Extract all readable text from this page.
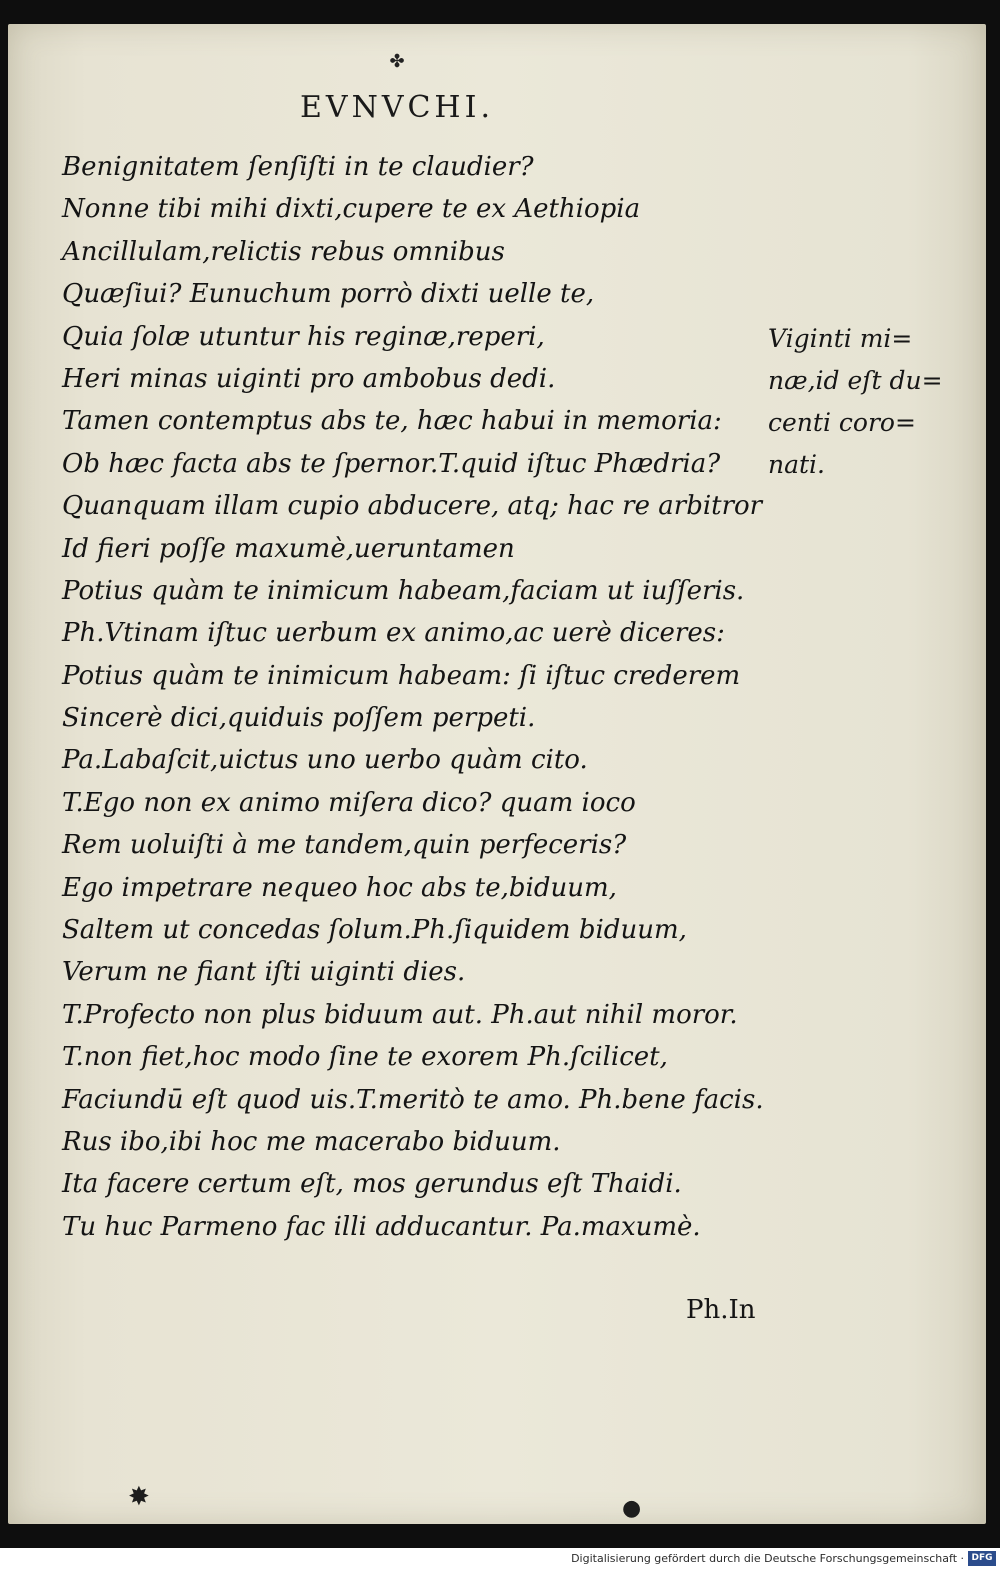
✤
EVNVCHI.
Benignitatem ſenſiſti in te claudier?
Nonne tibi mihi dixti,cupere te ex Aethiopia
Ancillulam,relictis rebus omnibus
Quæſiui? Eunuchum porrò dixti uelle te,
Quia ſolæ utuntur his reginæ,reperi,
Heri minas uiginti pro ambobus dedi.
Tamen contemptus abs te, hæc habui in memoria:
Ob hæc facta abs te ſpernor.T.quid iſtuc Phædria?
Quanquam illam cupio abducere, atq; hac re arbitror
Id fieri poſſe maxumè,ueruntamen
Potius quàm te inimicum habeam,faciam ut iuſſeris.
Ph.Vtinam iſtuc uerbum ex animo,ac uerè diceres:
Potius quàm te inimicum habeam: ſi iſtuc crederem
Sincerè dici,quiduis poſſem perpeti.
Pa.Labaſcit,uictus uno uerbo quàm cito.
T.Ego non ex animo miſera dico? quam ioco
Rem uoluiſti à me tandem,quin perfeceris?
Ego impetrare nequeo hoc abs te,biduum,
Saltem ut concedas ſolum.Ph.ſiquidem biduum,
Verum ne fiant iſti uiginti dies.
T.Profecto non plus biduum aut. Ph.aut nihil moror.
T.non fiet,hoc modo ſine te exorem Ph.ſcilicet,
Faciundū eſt quod uis.T.meritò te amo. Ph.bene facis.
Rus ibo,ibi hoc me macerabo biduum.
Ita facere certum eſt, mos gerundus eſt Thaidi.
Tu huc Parmeno fac illi adducantur. Pa.maxumè.
Viginti mi=
næ,id eſt du=
centi coro=
nati.
Ph.In
✸	●
Digitalisierung gefördert durch die Deutsche Forschungsgemeinschaft · DFG
